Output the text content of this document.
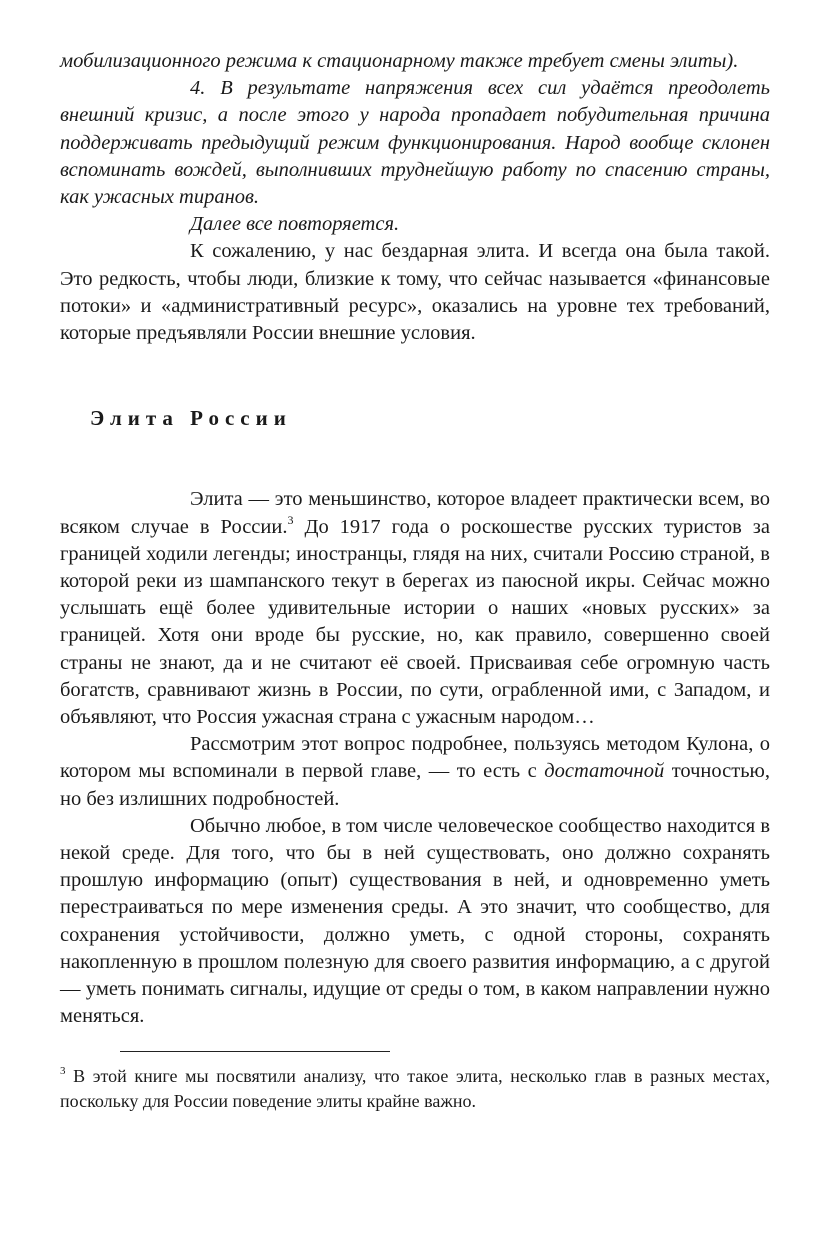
мобилизационного режима к стационарному также требует смены элиты).

4. В результате напряжения всех сил удаётся преодолеть внешний кризис, а после этого у народа пропадает побудительная причина поддерживать предыдущий режим функционирования. Народ вообще склонен вспоминать вождей, выполнивших труднейшую работу по спасению страны, как ужасных тиранов.

Далее все повторяется.

К сожалению, у нас бездарная элита. И всегда она была такой. Это редкость, чтобы люди, близкие к тому, что сейчас называется «финансовые потоки» и «административный ресурс», оказались на уровне тех требований, которые предъявляли России внешние условия.

Элита России

Элита — это меньшинство, которое владеет практически всем, во всяком случае в России.$^3$ До 1917 года о роскошестве русских туристов за границей ходили легенды; иностранцы, глядя на них, считали Россию страной, в которой реки из шампанского текут в берегах из паюсной икры. Сейчас можно услышать ещё более удивительные истории о наших «новых русских» за границей. Хотя они вроде бы русские, но, как правило, совершенно своей страны не знают, да и не считают её своей. Присваивая себе огромную часть богатств, сравнивают жизнь в России, по сути, ограбленной ими, с Западом, и объявляют, что Россия ужасная страна с ужасным народом…

Рассмотрим этот вопрос подробнее, пользуясь методом Кулона, о котором мы вспоминали в первой главе, — то есть с достаточной точностью, но без излишних подробностей.

Обычно любое, в том числе человеческое сообщество находится в некой среде. Для того, что бы в ней существовать, оно должно сохранять прошлую информацию (опыт) существования в ней, и одновременно уметь перестраиваться по мере изменения среды. А это значит, что сообщество, для сохранения устойчивости, должно уметь, с одной стороны, сохранять накопленную в прошлом полезную для своего развития информацию, а с другой — уметь понимать сигналы, идущие от среды о том, в каком направлении нужно меняться.

$^3$ В этой книге мы посвятили анализу, что такое элита, несколько глав в разных местах, поскольку для России поведение элиты крайне важно.
